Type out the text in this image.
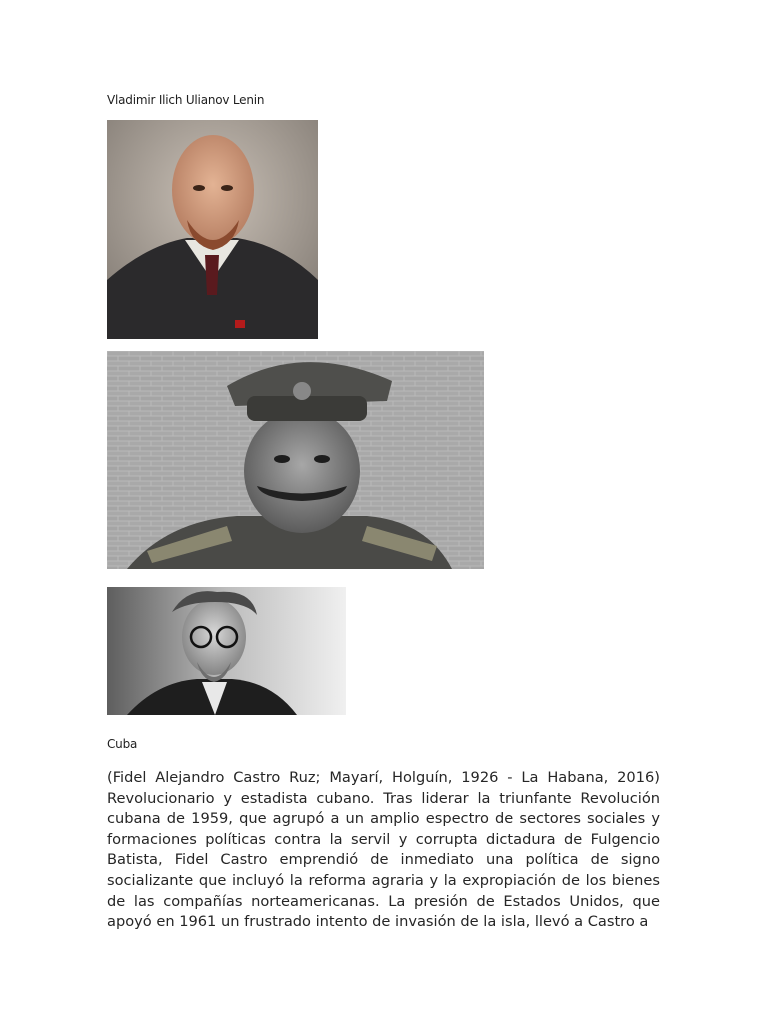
Vladimir Ilich Ulianov Lenin
Cuba

(Fidel Alejandro Castro Ruz; Mayarí, Holguín, 1926 - La Habana, 2016) Revolucionario y estadista cubano. Tras liderar la triunfante Revolución cubana de 1959, que agrupó a un amplio espectro de sectores sociales y formaciones políticas contra la servil y corrupta dictadura de Fulgencio Batista, Fidel Castro emprendió de inmediato una política de signo socializante que incluyó la reforma agraria y la expropiación de los bienes de las compañías norteamericanas. La presión de Estados Unidos, que apoyó en 1961 un frustrado intento de invasión de la isla, llevó a Castro a
